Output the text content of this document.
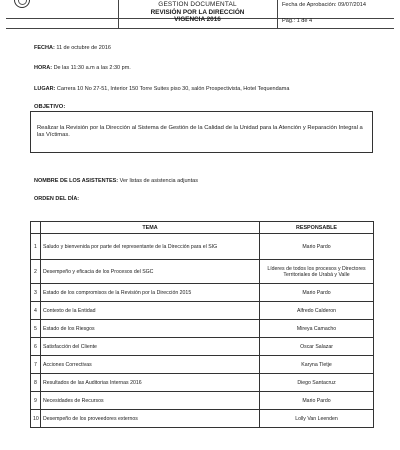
GESTION DOCUMENTAL
REVISIÓN POR LA DIRECCIÓN
VIGENCIA 2016
Fecha de Aprobación: 09/07/2014
Pág.: 1 de 4
FECHA: 11 de octubre de 2016
HORA: De las 11:30 a.m a las 2:30 pm.
LUGAR: Carrera 10 No 27-51, Interior 150 Torre Suites piso 30, salón Prospectivista, Hotel Tequendama
OBJETIVO:
Realizar la Revisión por la Dirección al Sistema de Gestión de la Calidad de la Unidad para la Atención y Reparación Integral a las Víctimas.
NOMBRE DE LOS ASISTENTES: Ver listas de asistencia adjuntas
ORDEN DEL DÍA:
	TEMA	RESPONSABLE
1	Saludo y bienvenida por parte del representante de la Dirección para el SIG	Mario Pardo
2	Desempeño y eficacia de los Procesos del SGC	Líderes de todos los procesos y Directores Territoriales de Urabá y Valle
3	Estado de los compromisos de la Revisión por la Dirección 2015	Mario Pardo
4	Contexto de la Entidad	Alfredo Calderon
5	Estado de los Riesgos	Mireya Camacho
6	Satisfacción del Cliente	Oscar Salazar
7	Acciones Correctivas	Karyna Tletje
8	Resultados de las Auditorias Internas 2016	Diego Santacruz
9	Necesidades de Recursos	Mario Pardo
10	Desempeño de los proveedores externos	Lolly Van Leenden
